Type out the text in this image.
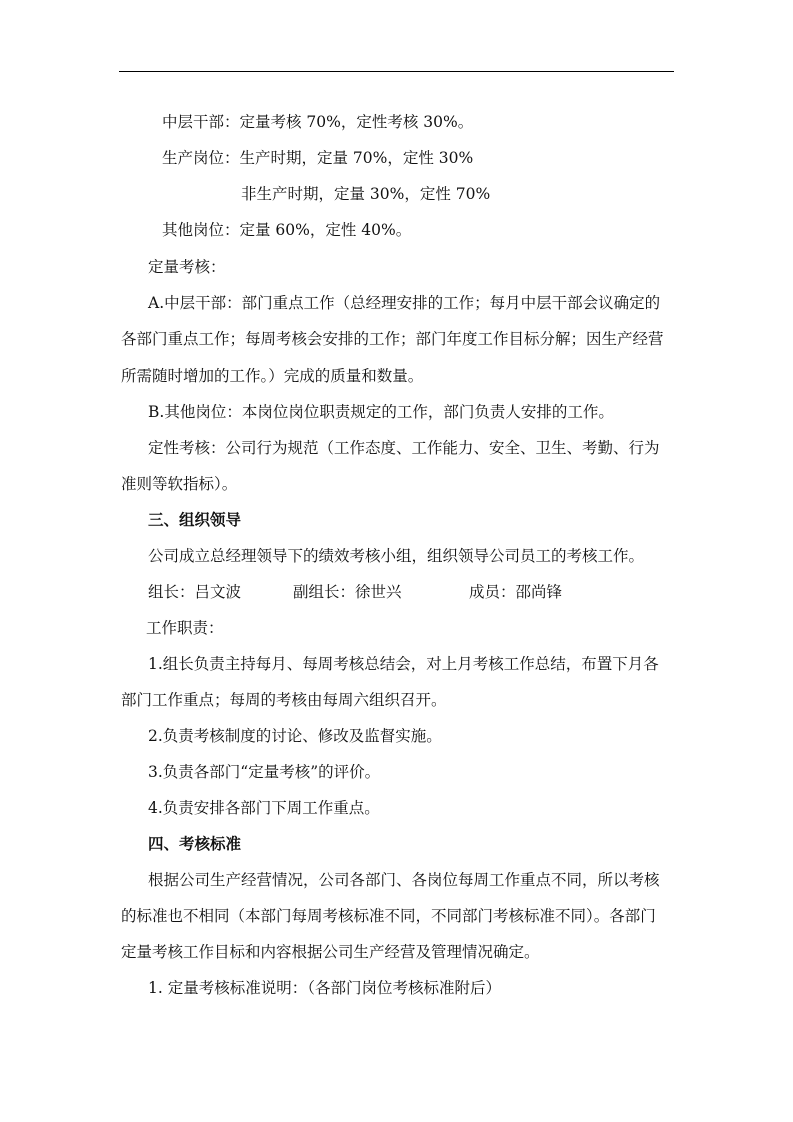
中层干部：定量考核 70%，定性考核 30%。
生产岗位：生产时期，定量 70%，定性 30%
非生产时期，定量 30%，定性 70%
其他岗位：定量 60%，定性 40%。
定量考核：
A.中层干部：部门重点工作（总经理安排的工作；每月中层干部会议确定的
各部门重点工作；每周考核会安排的工作；部门年度工作目标分解；因生产经营
所需随时增加的工作。）完成的质量和数量。
B.其他岗位：本岗位岗位职责规定的工作，部门负责人安排的工作。
定性考核：公司行为规范（工作态度、工作能力、安全、卫生、考勤、行为
准则等软指标）。
三、组织领导
公司成立总经理领导下的绩效考核小组，组织领导公司员工的考核工作。
组长：吕文波	副组长：徐世兴	成员：邵尚锋
工作职责：
1.组长负责主持每月、每周考核总结会，对上月考核工作总结，布置下月各
部门工作重点；每周的考核由每周六组织召开。
2.负责考核制度的讨论、修改及监督实施。
3.负责各部门“定量考核”的评价。
4.负责安排各部门下周工作重点。
四、考核标准
根据公司生产经营情况，公司各部门、各岗位每周工作重点不同，所以考核
的标准也不相同（本部门每周考核标准不同，不同部门考核标准不同）。各部门
定量考核工作目标和内容根据公司生产经营及管理情况确定。
1. 定量考核标准说明：（各部门岗位考核标准附后）
